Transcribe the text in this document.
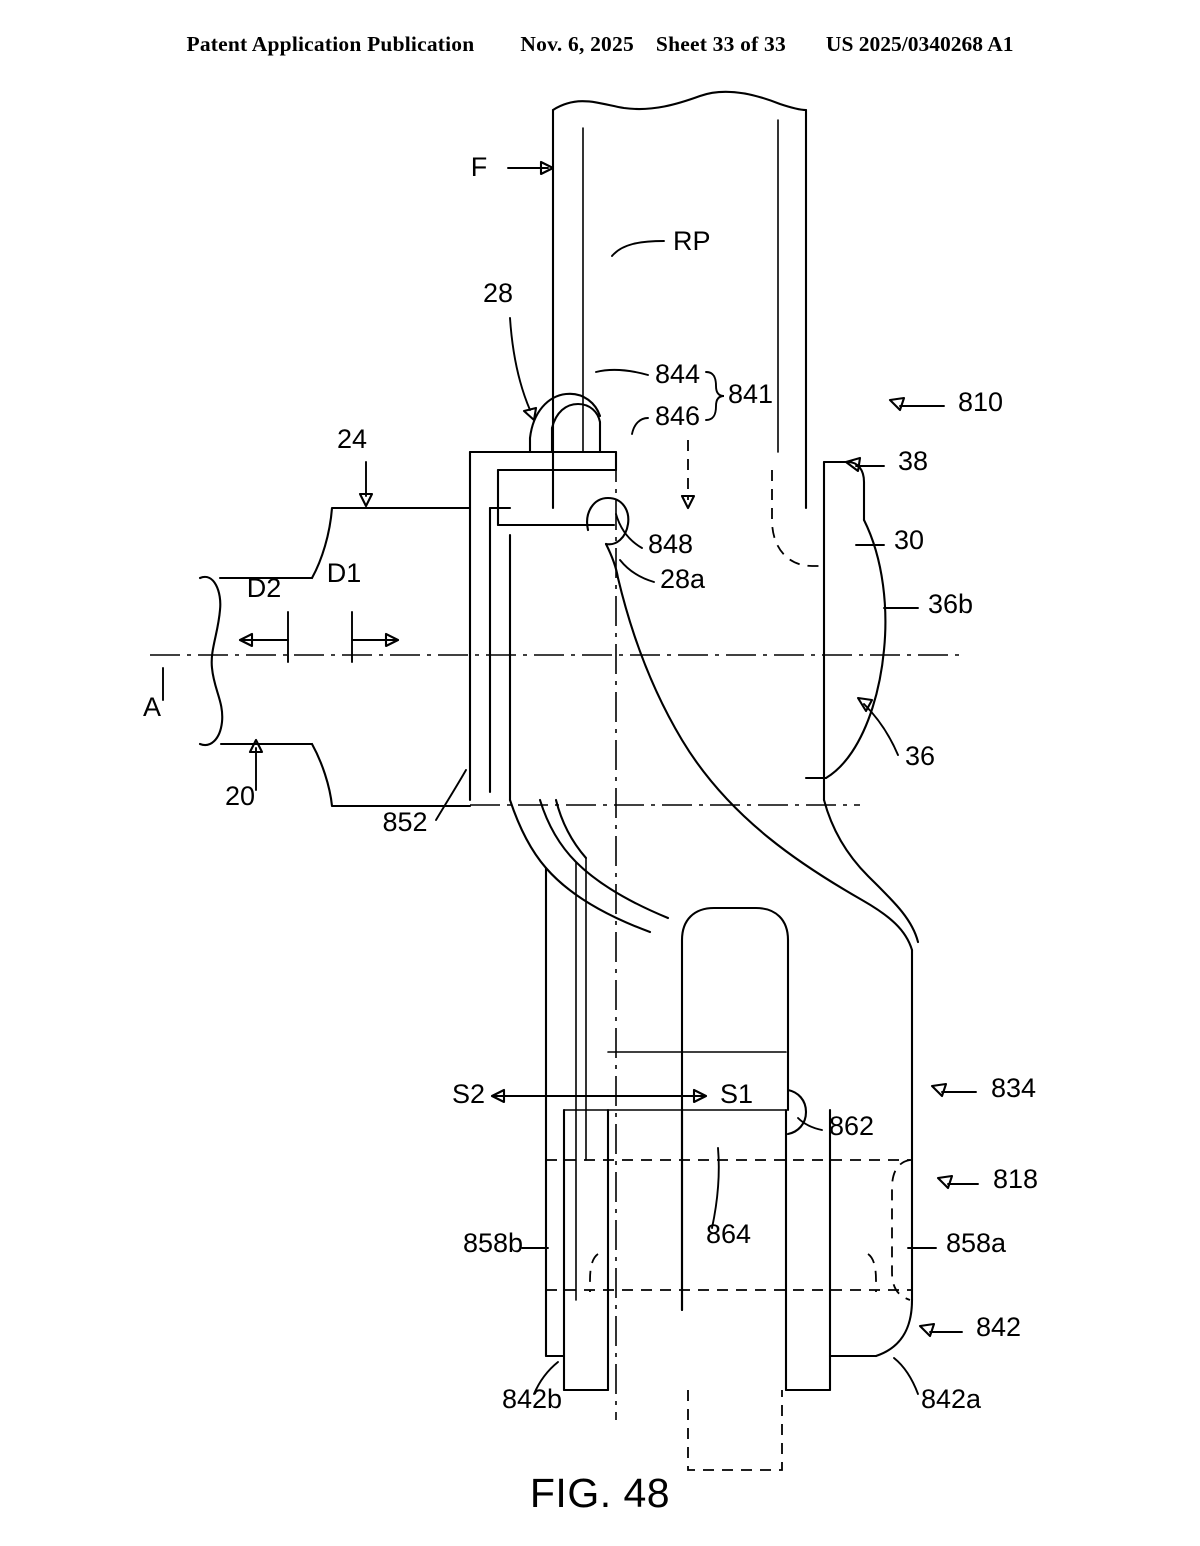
Patent Application Publication Nov. 6, 2025 Sheet 33 of 33 US 2025/0340268 A1
F
RP
28
844
841
846	810
24
38
848	30
28a
D1
D2
36b
A
36
20
852
S2	S1	834
862
818
864
858b	858a
842
842b	842a
FIG. 48
